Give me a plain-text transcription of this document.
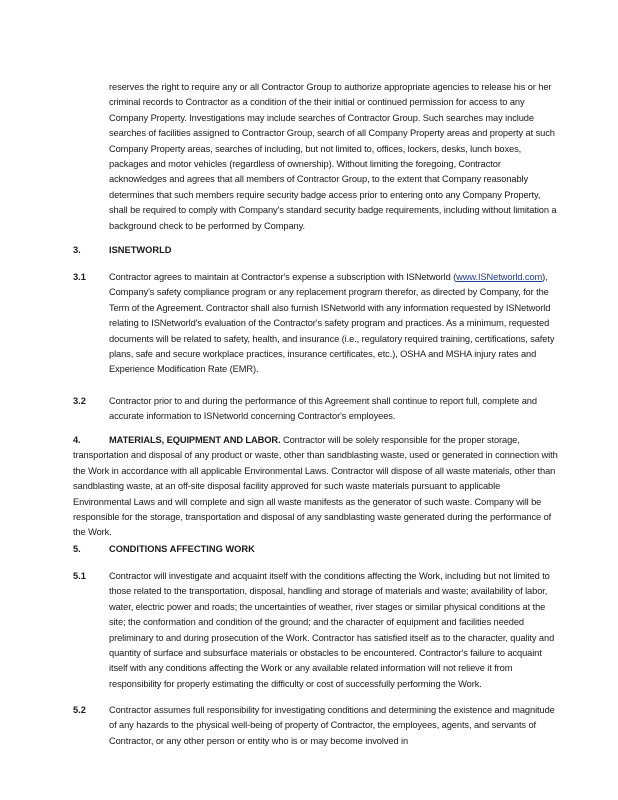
reserves the right to require any or all Contractor Group to authorize appropriate agencies to release his or her criminal records to Contractor as a condition of the their initial or continued permission for access to any Company Property. Investigations may include searches of Contractor Group. Such searches may include searches of facilities assigned to Contractor Group, search of all Company Property areas and property at such Company Property areas, searches of including, but not limited to, offices, lockers, desks, lunch boxes, packages and motor vehicles (regardless of ownership). Without limiting the foregoing, Contractor acknowledges and agrees that all members of Contractor Group, to the extent that Company reasonably determines that such members require security badge access prior to entering onto any Company Property, shall be required to comply with Company's standard security badge requirements, including without limitation a background check to be performed by Company.

3.	ISNETWORLD
3.1	Contractor agrees to maintain at Contractor's expense a subscription with ISNetworld (www.ISNetworld.com), Company's safety compliance program or any replacement program therefor, as directed by Company, for the Term of the Agreement. Contractor shall also furnish ISNetworld with any information requested by ISNetworld relating to ISNetworld's evaluation of the Contractor's safety program and practices. As a minimum, requested documents will be related to safety, health, and insurance (i.e., regulatory required training, certifications, safety plans, safe and secure workplace practices, insurance certificates, etc.), OSHA and MSHA injury rates and Experience Modification Rate (EMR).

3.2	Contractor prior to and during the performance of this Agreement shall continue to report full, complete and accurate information to ISNetworld concerning Contractor's employees.

4.	MATERIALS, EQUIPMENT AND LABOR. Contractor will be solely responsible for the proper storage, transportation and disposal of any product or waste, other than sandblasting waste, used or generated in connection with the Work in accordance with all applicable Environmental Laws. Contractor will dispose of all waste materials, other than sandblasting waste, at an off-site disposal facility approved for such waste materials pursuant to applicable Environmental Laws and will complete and sign all waste manifests as the generator of such waste. Company will be responsible for the storage, transportation and disposal of any sandblasting waste generated during the performance of the Work.

5.	CONDITIONS AFFECTING WORK
5.1	Contractor will investigate and acquaint itself with the conditions affecting the Work, including but not limited to those related to the transportation, disposal, handling and storage of materials and waste; availability of labor, water, electric power and roads; the uncertainties of weather, river stages or similar physical conditions at the site; the conformation and condition of the ground; and the character of equipment and facilities needed preliminary to and during prosecution of the Work. Contractor has satisfied itself as to the character, quality and quantity of surface and subsurface materials or obstacles to be encountered. Contractor's failure to acquaint itself with any conditions affecting the Work or any available related information will not relieve it from responsibility for properly estimating the difficulty or cost of successfully performing the Work.

5.2	Contractor assumes full responsibility for investigating conditions and determining the existence and magnitude of any hazards to the physical well-being of property of Contractor, the employees, agents, and servants of Contractor, or any other person or entity who is or may become involved in
